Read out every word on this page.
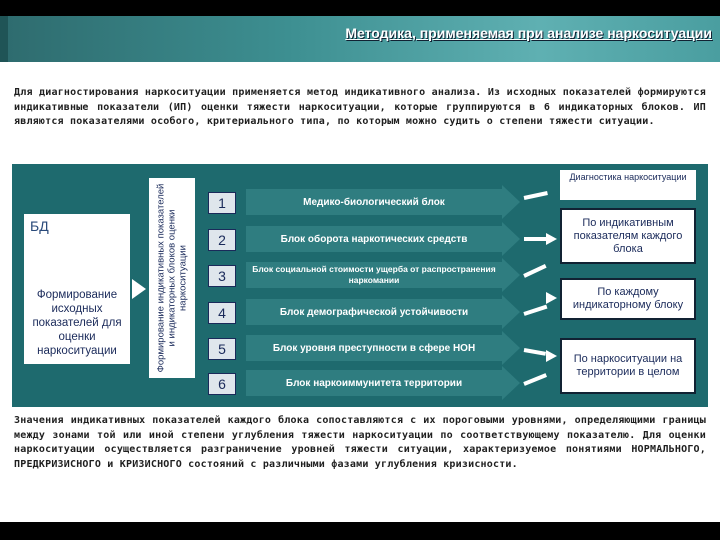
Методика, применяемая при анализе наркоситуации
Для диагностирования наркоситуации применяется метод индикативного анализа. Из исходных показателей формируются индикативные показатели (ИП) оценки тяжести наркоситуации, которые группируются в 6 индикаторных блоков. ИП являются показателями особого, критериального типа, по которым можно судить о степени тяжести ситуации.
БД
Формирование исходных показателей для оценки наркоситуации	Формирование индикативных показателей и индикаторных блоков оценки наркоситуации
1	Медико-биологический блок
2	Блок оборота наркотических средств
3	Блок социальной стоимости ущерба от распространения наркомании
4	Блок демографической устойчивости
5	Блок уровня преступности в сфере НОН
6	Блок наркоиммунитета территории
Диагностика наркоситуации
По индикативным показателям каждого блока
По каждому индикаторному блоку
По наркоситуации на территории в целом
Значения индикативных показателей каждого блока сопоставляются с их пороговыми уровнями, определяющими границы между зонами той или иной степени углубления тяжести наркоситуации по соответствующему показателю. Для оценки наркоситуации осуществляется разграничение уровней тяжести ситуации, характеризуемое понятиями НОРМАЛЬНОГО, ПРЕДКРИЗИСНОГО и КРИЗИСНОГО состояний с различными фазами углубления кризисности.
